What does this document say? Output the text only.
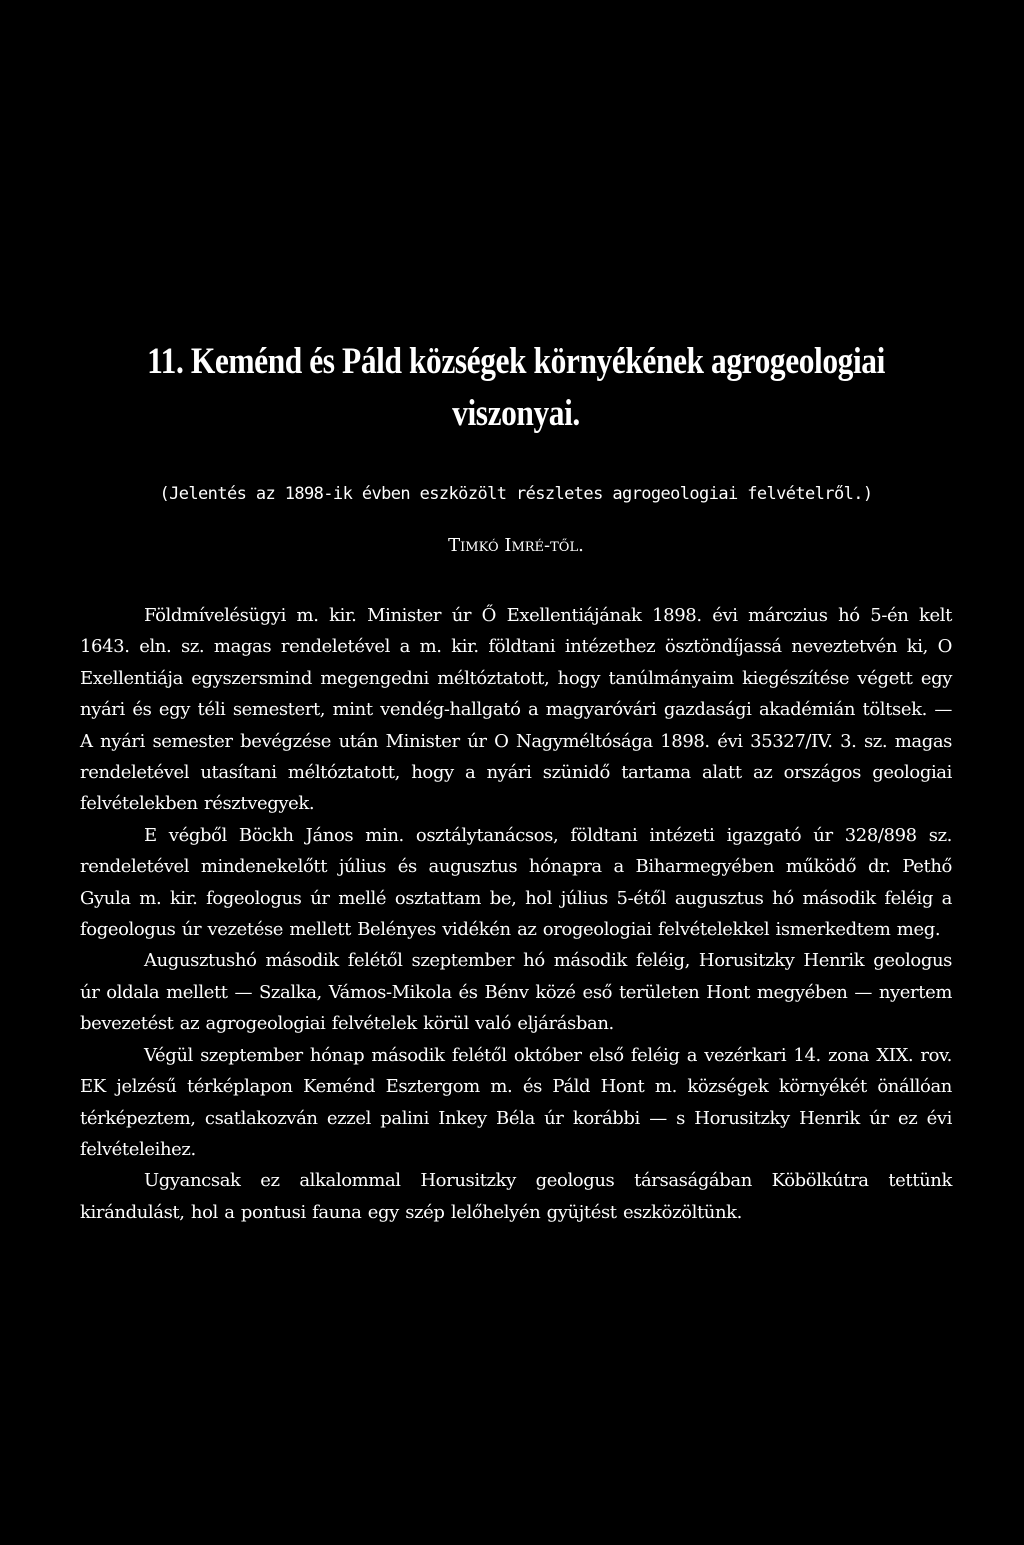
11. Keménd és Páld községek környékének agrogeologiai viszonyai.

(Jelentés az 1898-ik évben eszközölt részletes agrogeologiai felvételről.)

Timkó Imré-től.

Földmívelésügyi m. kir. Minister úr Ő Exellentiájának 1898. évi márczius hó 5-én kelt 1643. eln. sz. magas rendeletével a m. kir. földtani intézethez ösztöndíjassá neveztetvén ki, O Exellentiája egyszersmind megengedni méltóztatott, hogy tanúlmányaim kiegészítése végett egy nyári és egy téli semestert, mint vendég-hallgató a magyaróvári gazdasági akadémián töltsek. — A nyári semester bevégzése után Minister úr O Nagyméltósága 1898. évi 35327/IV. 3. sz. magas rendeletével utasítani méltóztatott, hogy a nyári szünidő tartama alatt az országos geologiai felvételekben résztvegyek.

E végből Böckh János min. osztálytanácsos, földtani intézeti igazgató úr 328/898 sz. rendeletével mindenekelőtt július és augusztus hónapra a Biharmegyében működő dr. Pethő Gyula m. kir. fogeologus úr mellé osztattam be, hol július 5-étől augusztus hó második feléig a fogeologus úr vezetése mellett Belényes vidékén az orogeologiai felvételekkel ismerkedtem meg.

Augusztushó második felétől szeptember hó második feléig, Horusitzky Henrik geologus úr oldala mellett — Szalka, Vámos-Mikola és Bénv közé eső területen Hont megyében — nyertem bevezetést az agrogeologiai felvételek körül való eljárásban.

Végül szeptember hónap második felétől október első feléig a vezérkari 14. zona XIX. rov. EK jelzésű térképlapon Keménd Esztergom m. és Páld Hont m. községek környékét önállóan térképeztem, csatlakozván ezzel palini Inkey Béla úr korábbi — s Horusitzky Henrik úr ez évi felvételeihez.

Ugyancsak ez alkalommal Horusitzky geologus társaságában Köbölkútra tettünk kirándulást, hol a pontusi fauna egy szép lelőhelyén gyüjtést eszközöltünk.
